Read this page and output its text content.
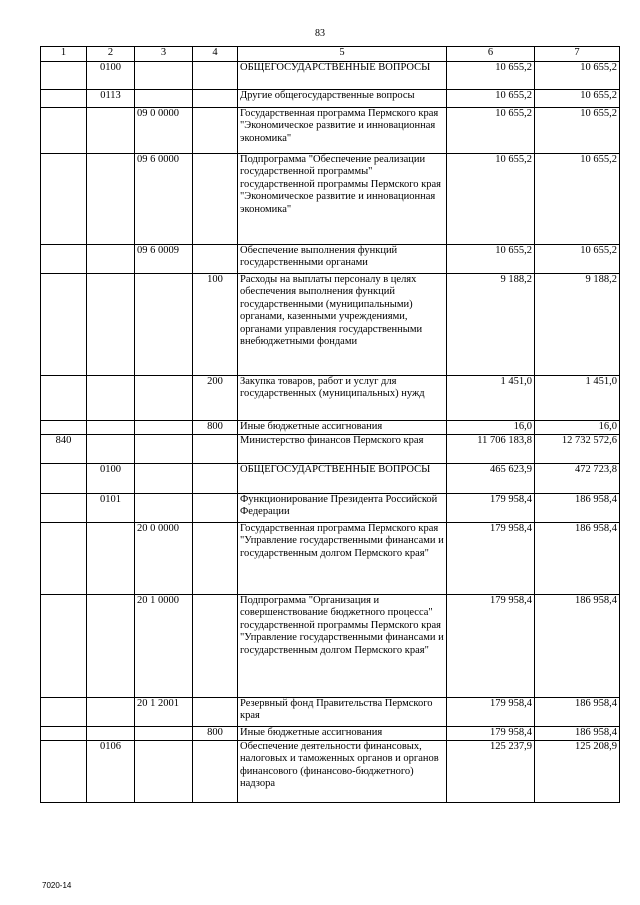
83
1	2	3	4	5	6	7
	0100			ОБЩЕГОСУДАРСТВЕННЫЕ ВОПРОСЫ	10 655,2	10 655,2
	0113			Другие общегосударственные вопросы	10 655,2	10 655,2
		09 0 0000		Государственная программа Пермского края "Экономическое развитие и инновационная экономика"	10 655,2	10 655,2
		09 6 0000		Подпрограмма "Обеспечение реализации государственной программы" государственной программы Пермского края "Экономическое развитие и инновационная экономика"	10 655,2	10 655,2
		09 6 0009		Обеспечение выполнения функций государственными органами	10 655,2	10 655,2
			100	Расходы на выплаты персоналу в целях обеспечения выполнения функций государственными (муниципальными) органами, казенными учреждениями, органами управления государственными внебюджетными фондами	9 188,2	9 188,2
			200	Закупка товаров, работ и услуг для государственных (муниципальных) нужд	1 451,0	1 451,0
			800	Иные бюджетные ассигнования	16,0	16,0
840				Министерство финансов Пермского края	11 706 183,8	12 732 572,6
	0100			ОБЩЕГОСУДАРСТВЕННЫЕ ВОПРОСЫ	465 623,9	472 723,8
	0101			Функционирование Президента Российской Федерации	179 958,4	186 958,4
		20 0 0000		Государственная программа Пермского края "Управление государственными финансами и государственным долгом Пермского края"	179 958,4	186 958,4
		20 1 0000		Подпрограмма "Организация и совершенствование бюджетного процесса" государственной программы Пермского края "Управление государственными финансами и государственным долгом Пермского края"	179 958,4	186 958,4
		20 1 2001		Резервный фонд Правительства Пермского края	179 958,4	186 958,4
			800	Иные бюджетные ассигнования	179 958,4	186 958,4
	0106			Обеспечение деятельности финансовых, налоговых и таможенных органов и органов финансового (финансово-бюджетного) надзора	125 237,9	125 208,9
7020-14
